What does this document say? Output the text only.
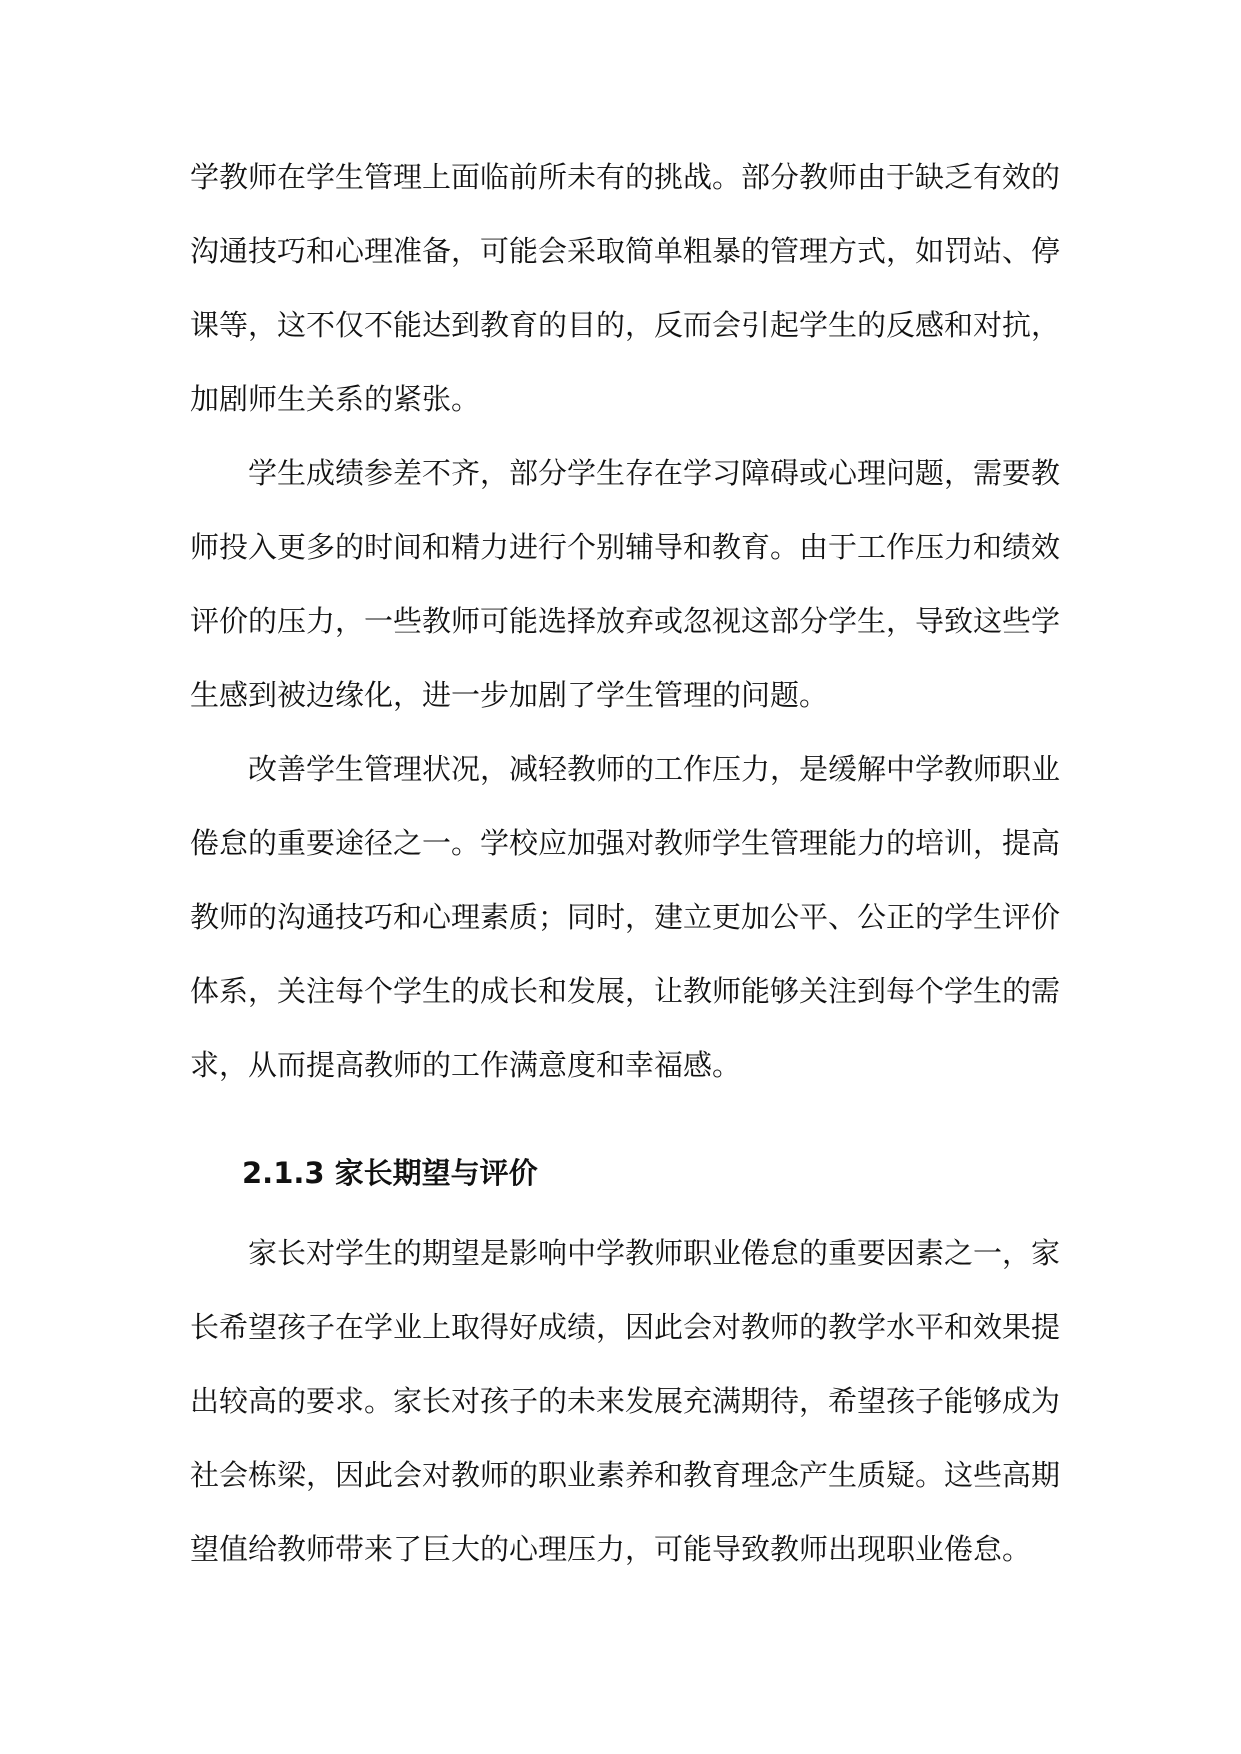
学教师在学生管理上面临前所未有的挑战。部分教师由于缺乏有效的沟通技巧和心理准备，可能会采取简单粗暴的管理方式，如罚站、停课等，这不仅不能达到教育的目的，反而会引起学生的反感和对抗，加剧师生关系的紧张。

学生成绩参差不齐，部分学生存在学习障碍或心理问题，需要教师投入更多的时间和精力进行个别辅导和教育。由于工作压力和绩效评价的压力，一些教师可能选择放弃或忽视这部分学生，导致这些学生感到被边缘化，进一步加剧了学生管理的问题。

改善学生管理状况，减轻教师的工作压力，是缓解中学教师职业倦怠的重要途径之一。学校应加强对教师学生管理能力的培训，提高教师的沟通技巧和心理素质；同时，建立更加公平、公正的学生评价体系，关注每个学生的成长和发展，让教师能够关注到每个学生的需求，从而提高教师的工作满意度和幸福感。

2.1.3 家长期望与评价

家长对学生的期望是影响中学教师职业倦怠的重要因素之一，家长希望孩子在学业上取得好成绩，因此会对教师的教学水平和效果提出较高的要求。家长对孩子的未来发展充满期待，希望孩子能够成为社会栋梁，因此会对教师的职业素养和教育理念产生质疑。这些高期望值给教师带来了巨大的心理压力，可能导致教师出现职业倦怠。
